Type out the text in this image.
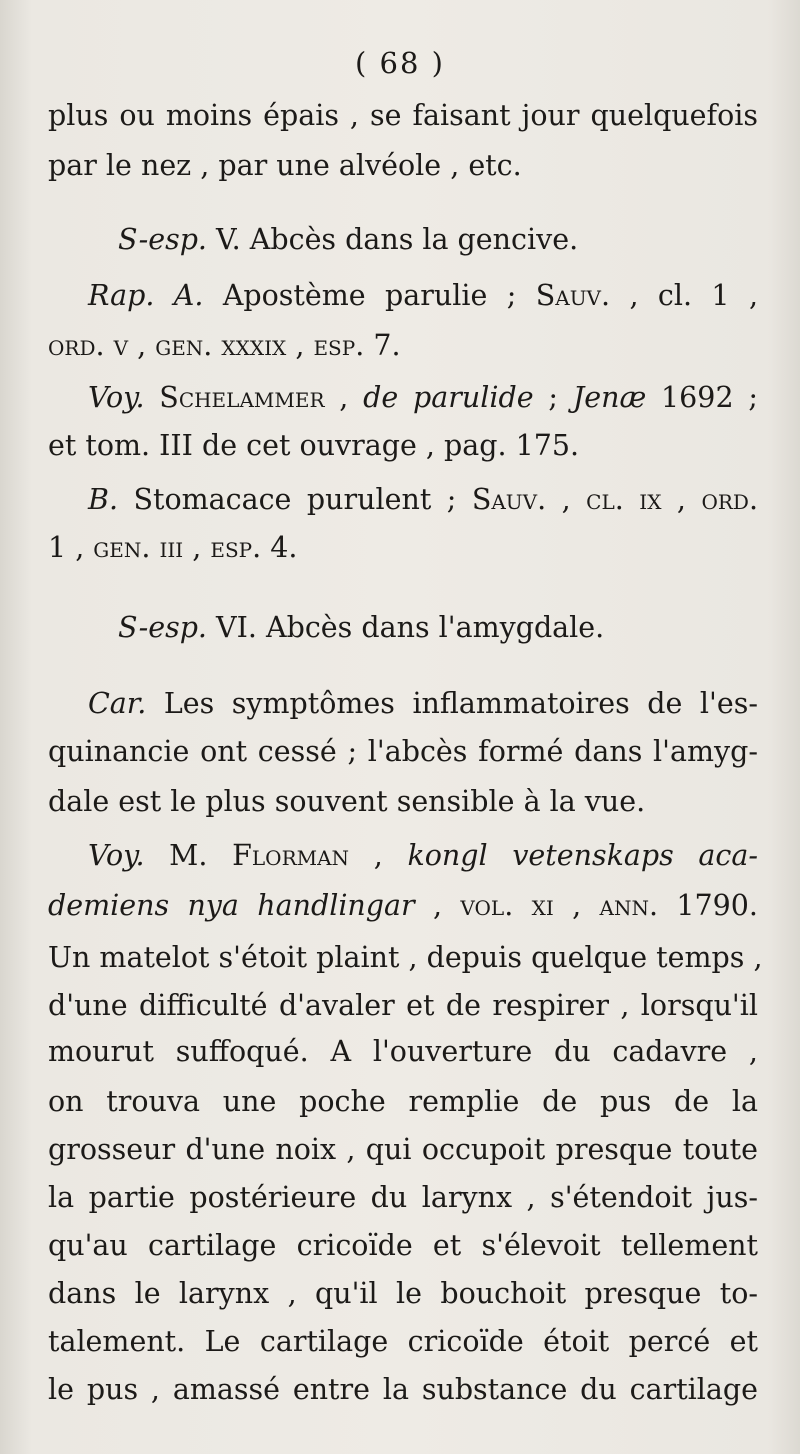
( 68 )
plus ou moins épais , se faisant jour quelquefois
par le nez , par une alvéole , etc.
S-esp. V. Abcès dans la gencive.
Rap. A. Apostème parulie ; Sauv. , cl. 1 ,
ord. v , gen. xxxix , esp. 7.
Voy. Schelammer , de parulide ; Jenæ 1692 ;
et tom. III de cet ouvrage , pag. 175.
B. Stomacace purulent ; Sauv. , cl. ix , ord.
1 , gen. iii , esp. 4.
S-esp. VI. Abcès dans l'amygdale.
Car. Les symptômes inflammatoires de l'es-
quinancie ont cessé ; l'abcès formé dans l'amyg-
dale est le plus souvent sensible à la vue.
Voy. M. Florman , kongl vetenskaps aca-
demiens nya handlingar , vol. xi , ann. 1790.
Un matelot s'étoit plaint , depuis quelque temps ,
d'une difficulté d'avaler et de respirer , lorsqu'il
mourut suffoqué. A l'ouverture du cadavre ,
on trouva une poche remplie de pus de la
grosseur d'une noix , qui occupoit presque toute
la partie postérieure du larynx , s'étendoit jus-
qu'au cartilage cricoïde et s'élevoit tellement
dans le larynx , qu'il le bouchoit presque to-
talement. Le cartilage cricoïde étoit percé et
le pus , amassé entre la substance du cartilage
